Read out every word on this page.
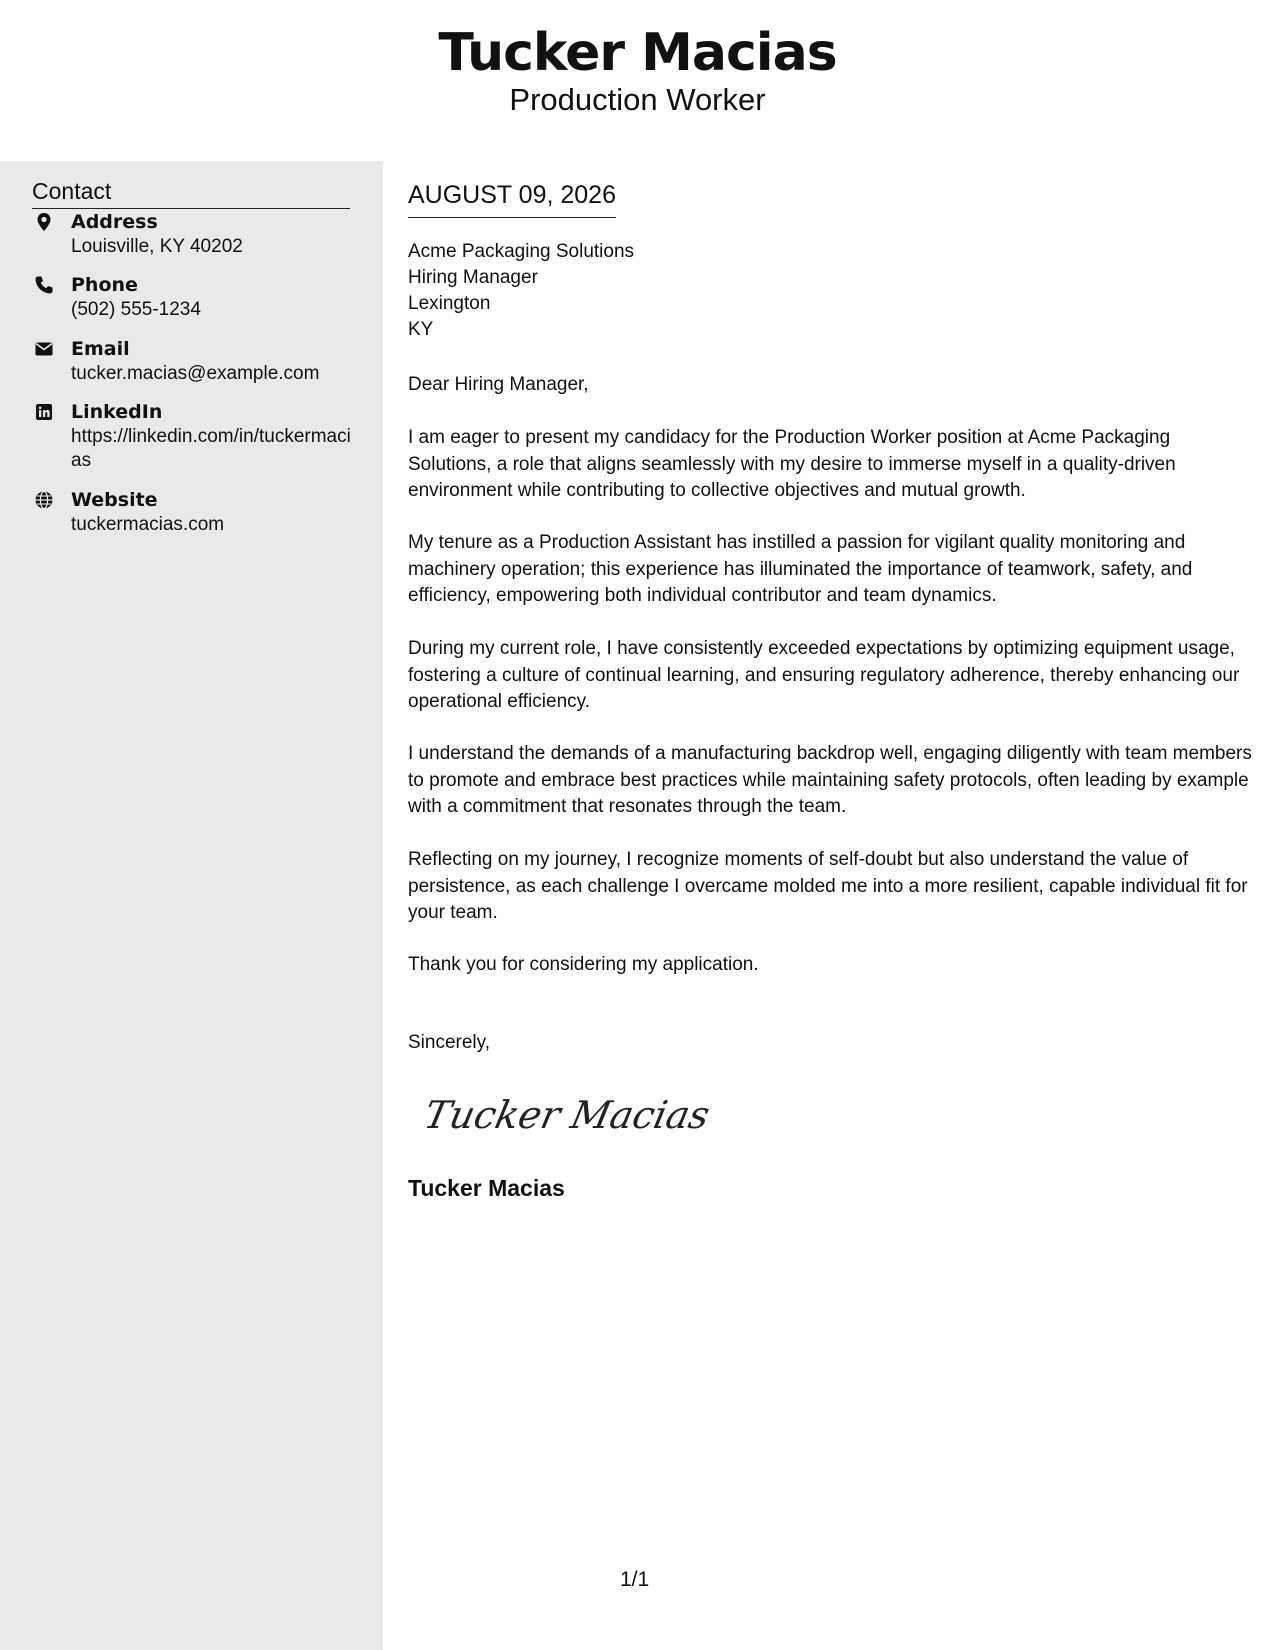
Tucker Macias
Production Worker
Contact
Address
Louisville, KY 40202
Phone
(502) 555-1234
Email
tucker.macias@example.com
LinkedIn
https://linkedin.com/in/tuckermacias
Website
tuckermacias.com
AUGUST 09, 2026
Acme Packaging Solutions
Hiring Manager
Lexington
KY
Dear Hiring Manager,
I am eager to present my candidacy for the Production Worker position at Acme Packaging Solutions, a role that aligns seamlessly with my desire to immerse myself in a quality-driven environment while contributing to collective objectives and mutual growth.
My tenure as a Production Assistant has instilled a passion for vigilant quality monitoring and machinery operation; this experience has illuminated the importance of teamwork, safety, and efficiency, empowering both individual contributor and team dynamics.
During my current role, I have consistently exceeded expectations by optimizing equipment usage, fostering a culture of continual learning, and ensuring regulatory adherence, thereby enhancing our operational efficiency.
I understand the demands of a manufacturing backdrop well, engaging diligently with team members to promote and embrace best practices while maintaining safety protocols, often leading by example with a commitment that resonates through the team.
Reflecting on my journey, I recognize moments of self-doubt but also understand the value of persistence, as each challenge I overcame molded me into a more resilient, capable individual fit for your team.
Thank you for considering my application.
Sincerely,
Tucker Macias
Tucker Macias
1/1
